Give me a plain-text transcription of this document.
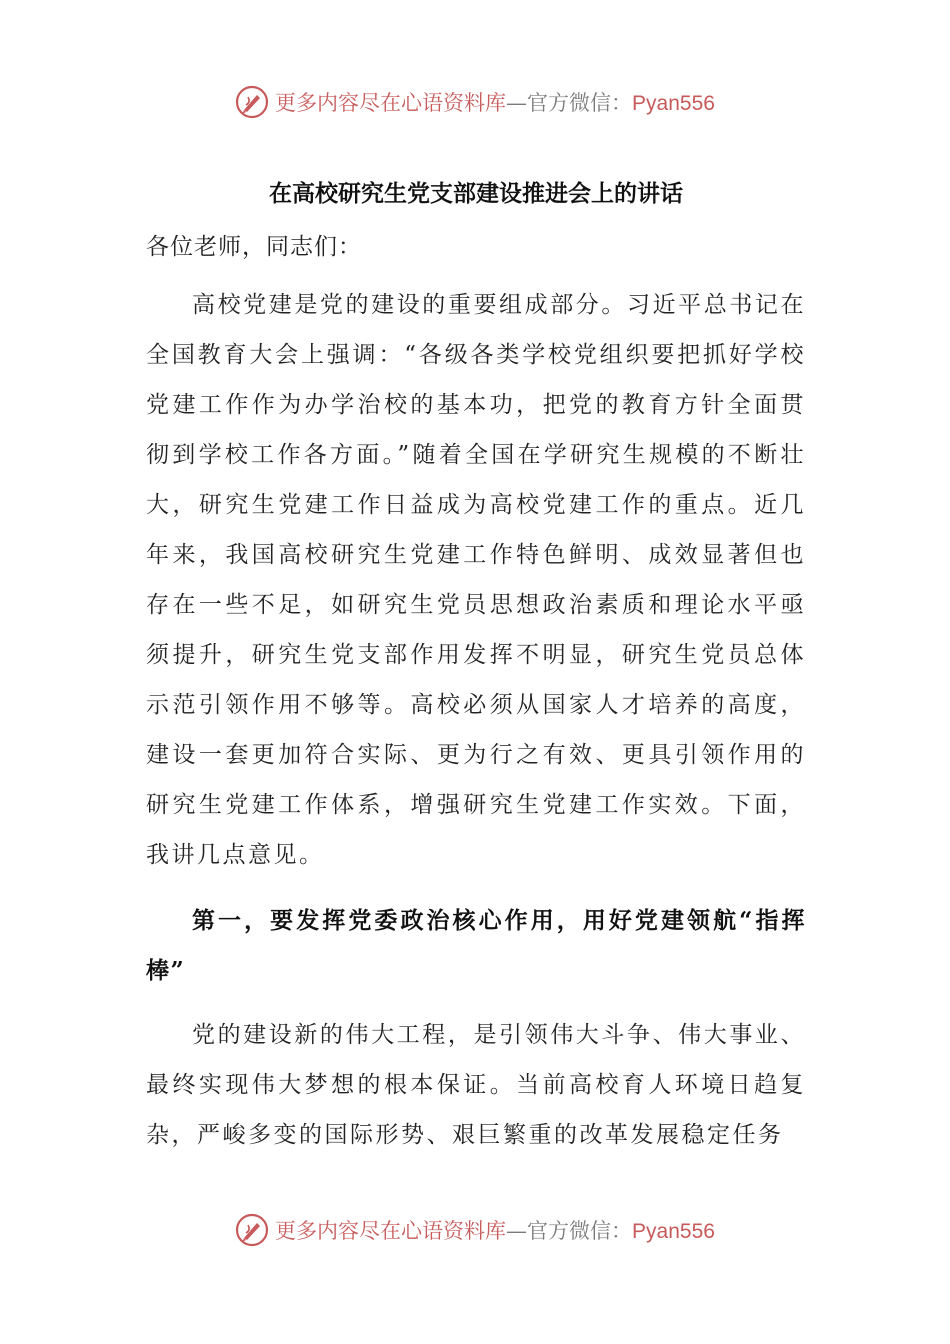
更多内容尽在心语资料库 — 官方微信： Pyan556
在高校研究生党支部建设推进会上的讲话

各位老师，同志们：

高校党建是党的建设的重要组成部分。习近平总书记在全国教育大会上强调：“各级各类学校党组织要把抓好学校党建工作作为办学治校的基本功，把党的教育方针全面贯彻到学校工作各方面。”随着全国在学研究生规模的不断壮大，研究生党建工作日益成为高校党建工作的重点。近几年来，我国高校研究生党建工作特色鲜明、成效显著但也存在一些不足，如研究生党员思想政治素质和理论水平亟须提升，研究生党支部作用发挥不明显，研究生党员总体示范引领作用不够等。高校必须从国家人才培养的高度，建设一套更加符合实际、更为行之有效、更具引领作用的研究生党建工作体系，增强研究生党建工作实效。下面，我讲几点意见。

第一，要发挥党委政治核心作用，用好党建领航“指挥棒”

党的建设新的伟大工程，是引领伟大斗争、伟大事业、最终实现伟大梦想的根本保证。当前高校育人环境日趋复杂，严峻多变的国际形势、艰巨繁重的改革发展稳定任务

更多内容尽在心语资料库 — 官方微信： Pyan556
